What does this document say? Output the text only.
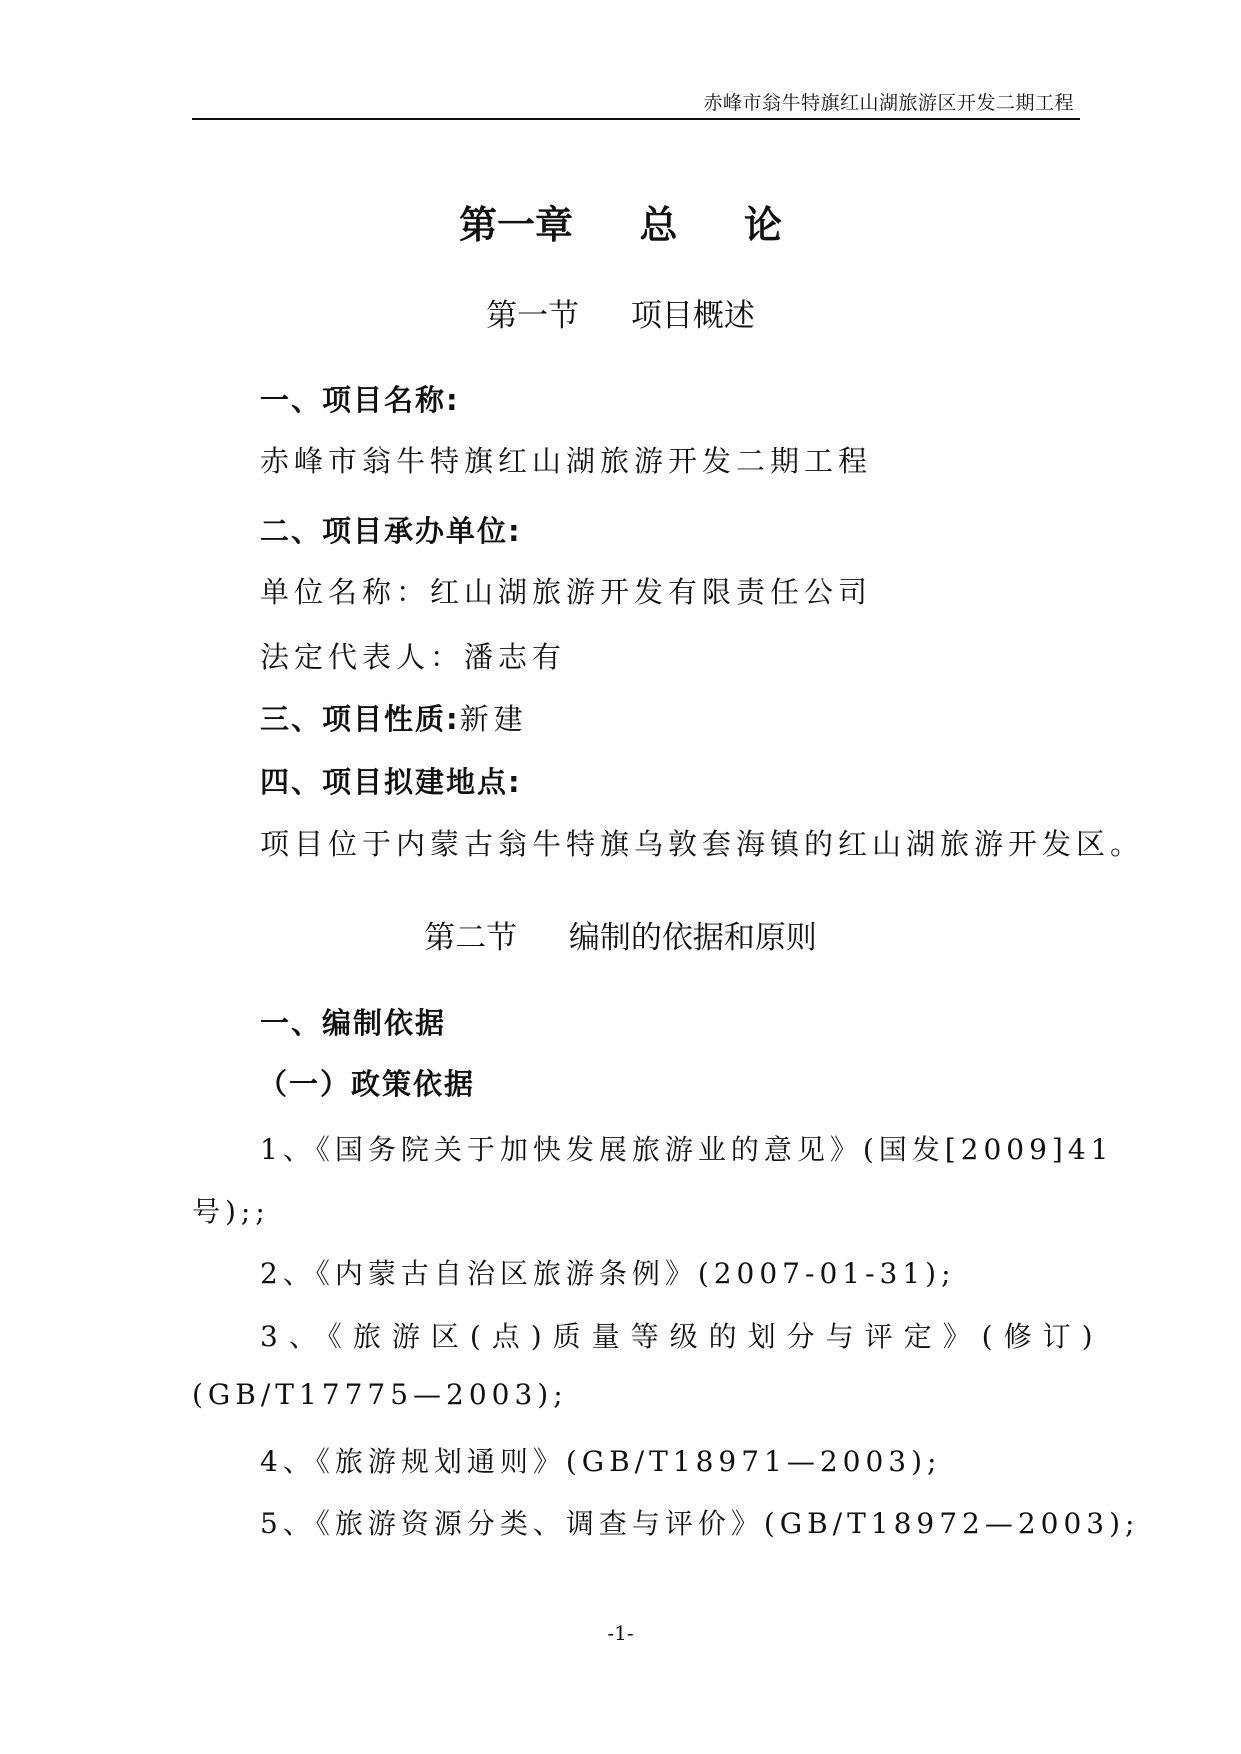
赤峰市翁牛特旗红山湖旅游区开发二期工程
第一章 总 论
第一节 项目概述
一、项目名称:
赤峰市翁牛特旗红山湖旅游开发二期工程
二、项目承办单位:
单位名称：红山湖旅游开发有限责任公司
法定代表人：潘志有
三、项目性质:新建
四、项目拟建地点:
项目位于内蒙古翁牛特旗乌敦套海镇的红山湖旅游开发区。
第二节 编制的依据和原则
一、编制依据
（一）政策依据
1、《国务院关于加快发展旅游业的意见》(国发[2009]41
号);;
2、《内蒙古自治区旅游条例》(2007-01-31);
3、《旅游区(点)质量等级的划分与评定》(修订)
(GB/T17775—2003);
4、《旅游规划通则》(GB/T18971—2003);
5、《旅游资源分类、调查与评价》(GB/T18972—2003);
-1-
